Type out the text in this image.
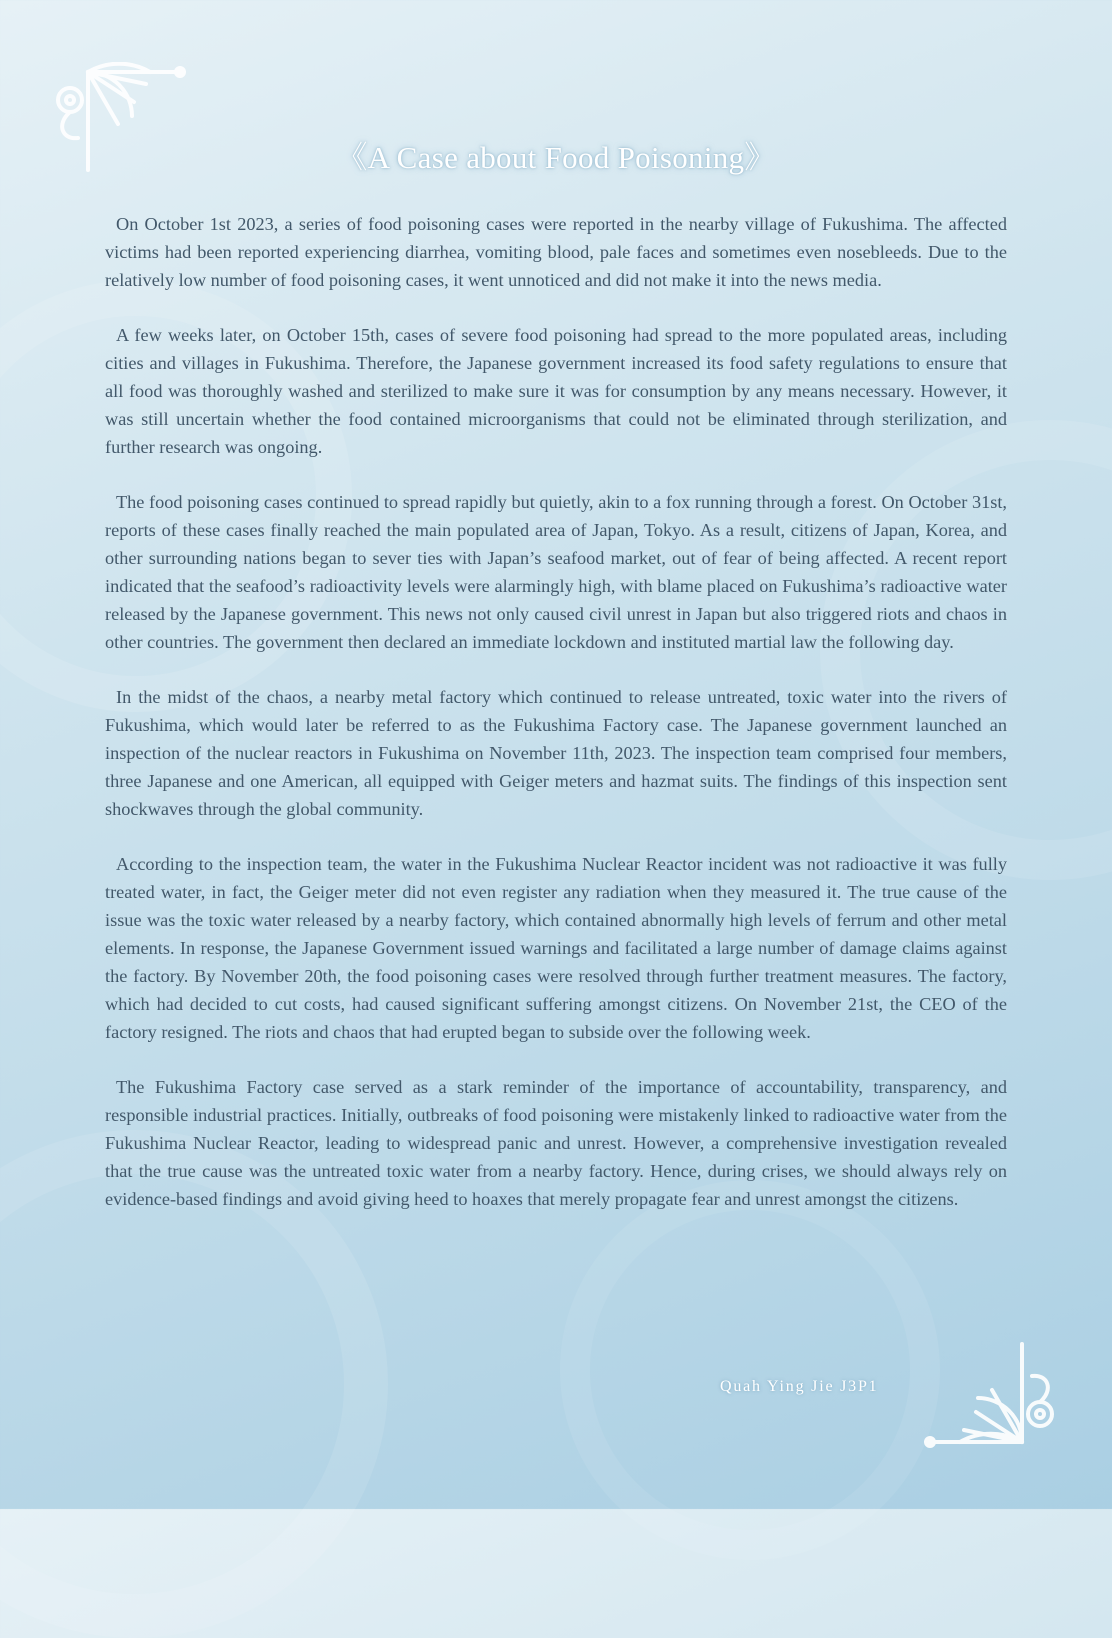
《A Case about Food Poisoning》

On October 1st 2023, a series of food poisoning cases were reported in the nearby village of Fukushima. The affected victims had been reported experiencing diarrhea, vomiting blood, pale faces and sometimes even nosebleeds. Due to the relatively low number of food poisoning cases, it went unnoticed and did not make it into the news media.

A few weeks later, on October 15th, cases of severe food poisoning had spread to the more populated areas, including cities and villages in Fukushima. Therefore, the Japanese government increased its food safety regulations to ensure that all food was thoroughly washed and sterilized to make sure it was for consumption by any means necessary. However, it was still uncertain whether the food contained microorganisms that could not be eliminated through sterilization, and further research was ongoing.

The food poisoning cases continued to spread rapidly but quietly, akin to a fox running through a forest. On October 31st, reports of these cases finally reached the main populated area of Japan, Tokyo. As a result, citizens of Japan, Korea, and other surrounding nations began to sever ties with Japan’s seafood market, out of fear of being affected. A recent report indicated that the seafood’s radioactivity levels were alarmingly high, with blame placed on Fukushima’s radioactive water released by the Japanese government. This news not only caused civil unrest in Japan but also triggered riots and chaos in other countries. The government then declared an immediate lockdown and instituted martial law the following day.

In the midst of the chaos, a nearby metal factory which continued to release untreated, toxic water into the rivers of Fukushima, which would later be referred to as the Fukushima Factory case. The Japanese government launched an inspection of the nuclear reactors in Fukushima on November 11th, 2023. The inspection team comprised four members, three Japanese and one American, all equipped with Geiger meters and hazmat suits. The findings of this inspection sent shockwaves through the global community.

According to the inspection team, the water in the Fukushima Nuclear Reactor incident was not radioactive it was fully treated water, in fact, the Geiger meter did not even register any radiation when they measured it. The true cause of the issue was the toxic water released by a nearby factory, which contained abnormally high levels of ferrum and other metal elements. In response, the Japanese Government issued warnings and facilitated a large number of damage claims against the factory. By November 20th, the food poisoning cases were resolved through further treatment measures. The factory, which had decided to cut costs, had caused significant suffering amongst citizens. On November 21st, the CEO of the factory resigned. The riots and chaos that had erupted began to subside over the following week.

The Fukushima Factory case served as a stark reminder of the importance of accountability, transparency, and responsible industrial practices. Initially, outbreaks of food poisoning were mistakenly linked to radioactive water from the Fukushima Nuclear Reactor, leading to widespread panic and unrest. However, a comprehensive investigation revealed that the true cause was the untreated toxic water from a nearby factory. Hence, during crises, we should always rely on evidence-based findings and avoid giving heed to hoaxes that merely propagate fear and unrest amongst the citizens.

Quah Ying Jie J3P1
